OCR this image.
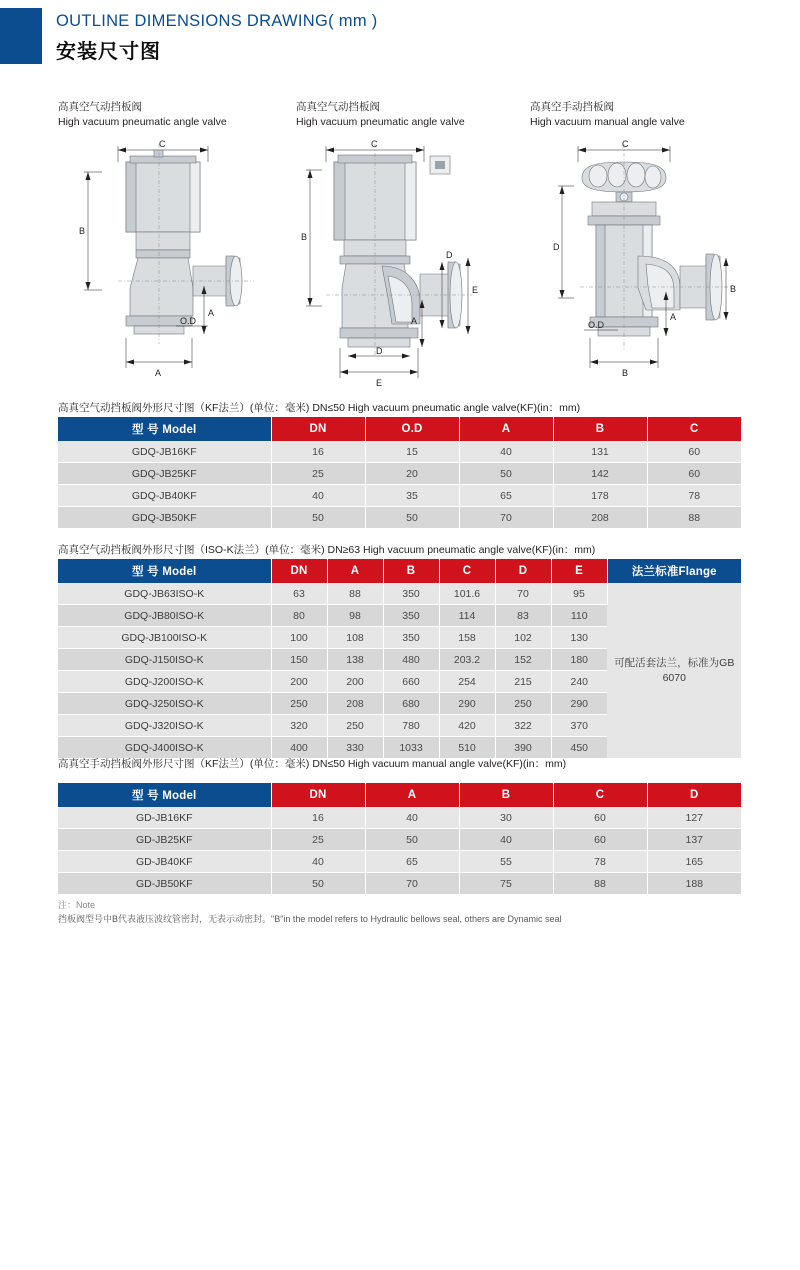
OUTLINE DIMENSIONS DRAWING( mm )
安装尺寸图
高真空气动挡板阀
High vacuum pneumatic angle valve
高真空气动挡板阀
High vacuum pneumatic angle valve
高真空手动挡板阀
High vacuum manual angle valve
C
B
O.D
A
A
C
B
D
E
A
D
E
C
D
O.D
A
B
B
高真空气动挡板阀外形尺寸图（KF法兰）(单位：毫米) DN≤50 High vacuum pneumatic angle valve(KF)(in：mm)
型 号 Model	DN	O.D	A	B	C
GDQ-JB16KF	16	15	40	131	60
GDQ-JB25KF	25	20	50	142	60
GDQ-JB40KF	40	35	65	178	78
GDQ-JB50KF	50	50	70	208	88
高真空气动挡板阀外形尺寸图（ISO-K法兰）(单位：毫米) DN≥63 High vacuum pneumatic angle valve(KF)(in：mm)
型 号 Model	DN	A	B	C	D	E	法兰标准Flange
GDQ-JB63ISO-K	63	88	350	101.6	70	95	可配活套法兰，标准为GB 6070
GDQ-JB80ISO-K	80	98	350	114	83	110	
GDQ-JB100ISO-K	100	108	350	158	102	130	
GDQ-J150ISO-K	150	138	480	203.2	152	180	
GDQ-J200ISO-K	200	200	660	254	215	240	
GDQ-J250ISO-K	250	208	680	290	250	290	
GDQ-J320ISO-K	320	250	780	420	322	370	
GDQ-J400ISO-K	400	330	1033	510	390	450	
高真空手动挡板阀外形尺寸图（KF法兰）(单位：毫米) DN≤50 High vacuum manual angle valve(KF)(in：mm)
型 号 Model	DN	A	B	C	D
GD-JB16KF	16	40	30	60	127
GD-JB25KF	25	50	40	60	137
GD-JB40KF	40	65	55	78	165
GD-JB50KF	50	70	75	88	188
注：Note
挡板阀型号中B代表液压波纹管密封，无表示动密封。"B"in the model refers to Hydraulic bellows seal, others are Dynamic seal
